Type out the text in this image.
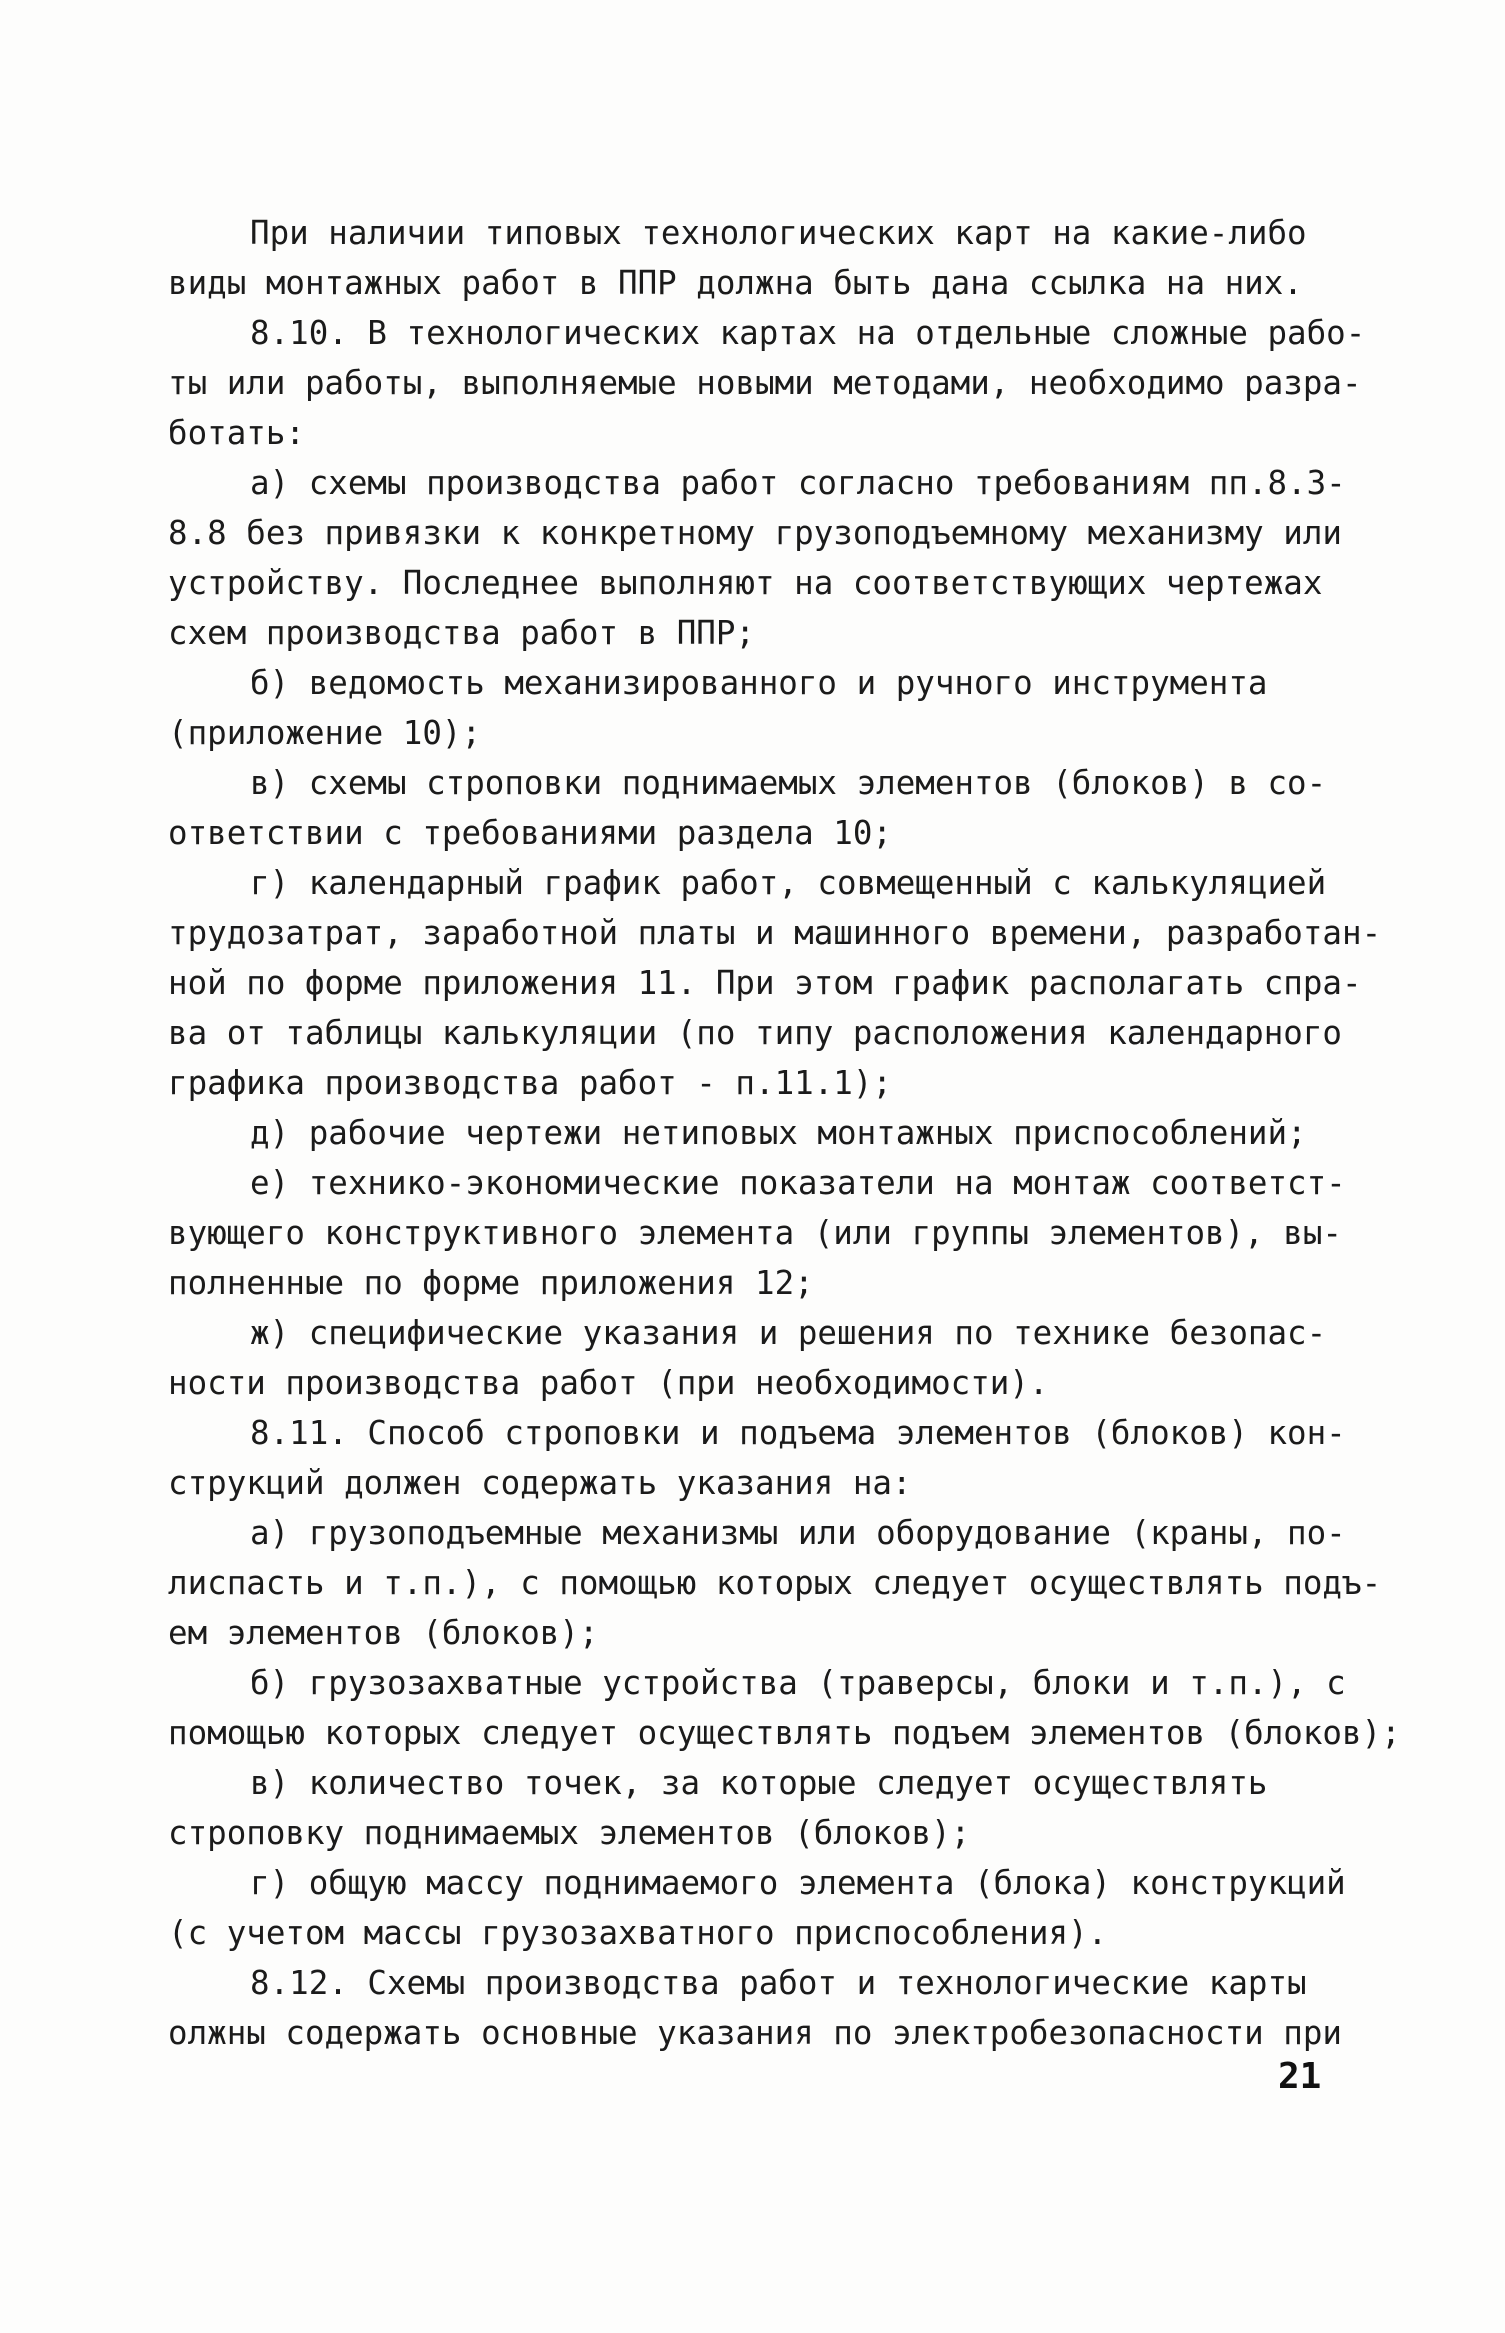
При наличии типовых технологических карт на какие-либо
виды монтажных работ в ППР должна быть дана ссылка на них.
8.10. В технологических картах на отдельные сложные рабо-
ты или работы, выполняемые новыми методами, необходимо разра-
ботать:
а) схемы производства работ согласно требованиям пп.8.3-
8.8 без привязки к конкретному грузоподъемному механизму или
устройству. Последнее выполняют на соответствующих чертежах
схем производства работ в ППР;
б) ведомость механизированного и ручного инструмента
(приложение 10);
в) схемы строповки поднимаемых элементов (блоков) в со-
ответствии с требованиями раздела 10;
г) календарный график работ, совмещенный с калькуляцией
трудозатрат, заработной платы и машинного времени, разработан-
ной по форме приложения 11. При этом график располагать спра-
ва от таблицы калькуляции (по типу расположения календарного
графика производства работ - п.11.1);
д) рабочие чертежи нетиповых монтажных приспособлений;
е) технико-экономические показатели на монтаж соответст-
вующего конструктивного элемента (или группы элементов), вы-
полненные по форме приложения 12;
ж) специфические указания и решения по технике безопас-
ности производства работ (при необходимости).
8.11. Способ строповки и подъема элементов (блоков) кон-
струкций должен содержать указания на:
а) грузоподъемные механизмы или оборудование (краны, по-
лиспасть и т.п.), с помощью которых следует осуществлять подъ-
ем элементов (блоков);
б) грузозахватные устройства (траверсы, блоки и т.п.), с
помощью которых следует осуществлять подъем элементов (блоков);
в) количество точек, за которые следует осуществлять
строповку поднимаемых элементов (блоков);
г) общую массу поднимаемого элемента (блока) конструкций
(с учетом массы грузозахватного приспособления).
8.12. Схемы производства работ и технологические карты
олжны содержать основные указания по электробезопасности при
21
